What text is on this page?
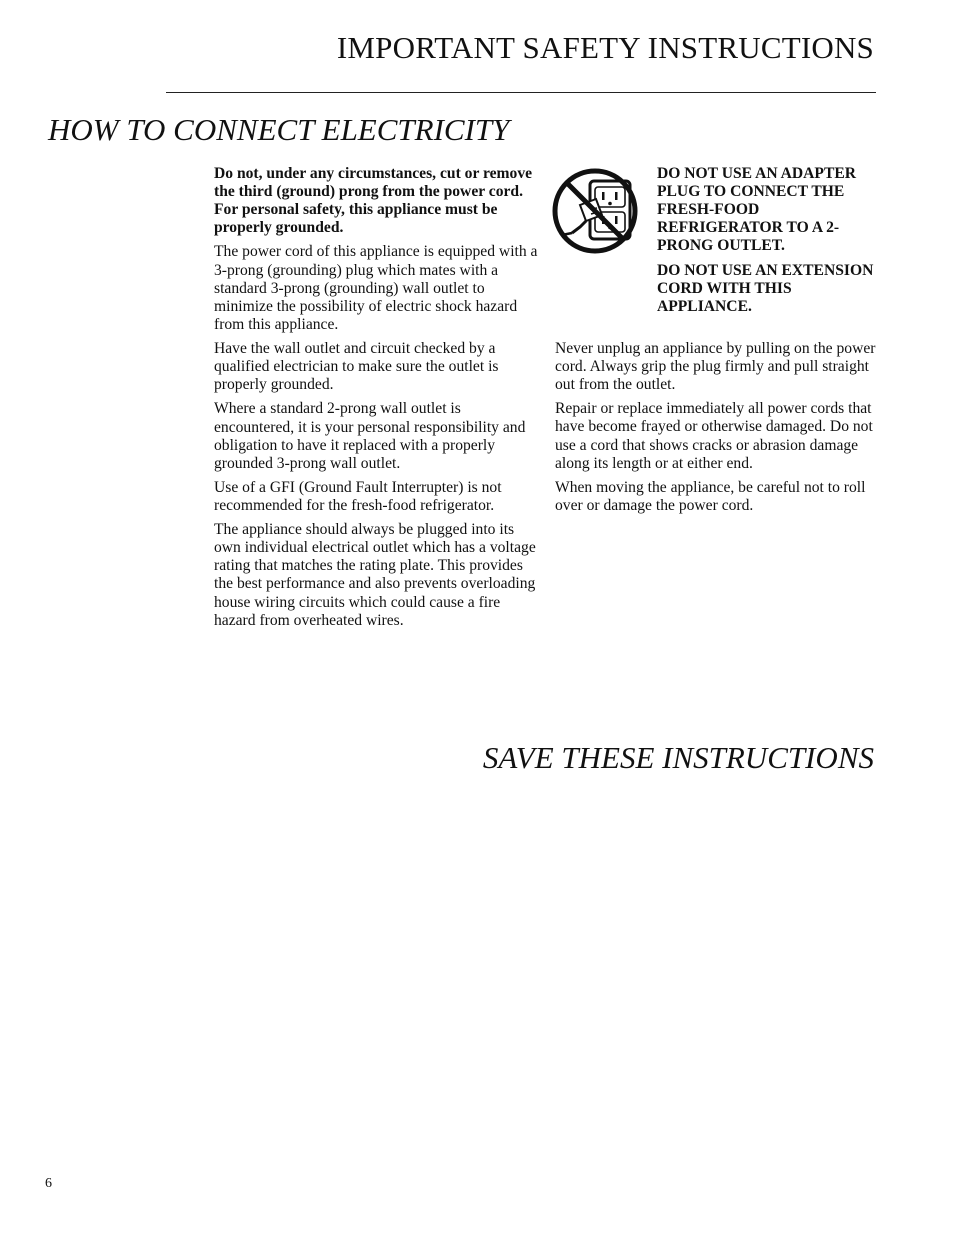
IMPORTANT SAFETY INSTRUCTIONS
HOW TO CONNECT ELECTRICITY

Do not, under any circumstances, cut or remove the third (ground) prong from the power cord. For personal safety, this appliance must be properly grounded.

The power cord of this appliance is equipped with a 3-prong (grounding) plug which mates with a standard 3-prong (grounding) wall outlet to minimize the possibility of electric shock hazard from this appliance.

Have the wall outlet and circuit checked by a qualified electrician to make sure the outlet is properly grounded.

Where a standard 2-prong wall outlet is encountered, it is your personal responsibility and obligation to have it replaced with a properly grounded 3-prong wall outlet.

Use of a GFI (Ground Fault Interrupter) is not recommended for the fresh-food refrigerator.

The appliance should always be plugged into its own individual electrical outlet which has a voltage rating that matches the rating plate. This provides the best performance and also prevents overloading house wiring circuits which could cause a fire hazard from overheated wires.

DO NOT USE AN ADAPTER PLUG TO CONNECT THE FRESH-FOOD REFRIGERATOR TO A 2-PRONG OUTLET.

DO NOT USE AN EXTENSION CORD WITH THIS APPLIANCE.

Never unplug an appliance by pulling on the power cord. Always grip the plug firmly and pull straight out from the outlet.

Repair or replace immediately all power cords that have become frayed or otherwise damaged. Do not use a cord that shows cracks or abrasion damage along its length or at either end.

When moving the appliance, be careful not to roll over or damage the power cord.

SAVE THESE INSTRUCTIONS
6
